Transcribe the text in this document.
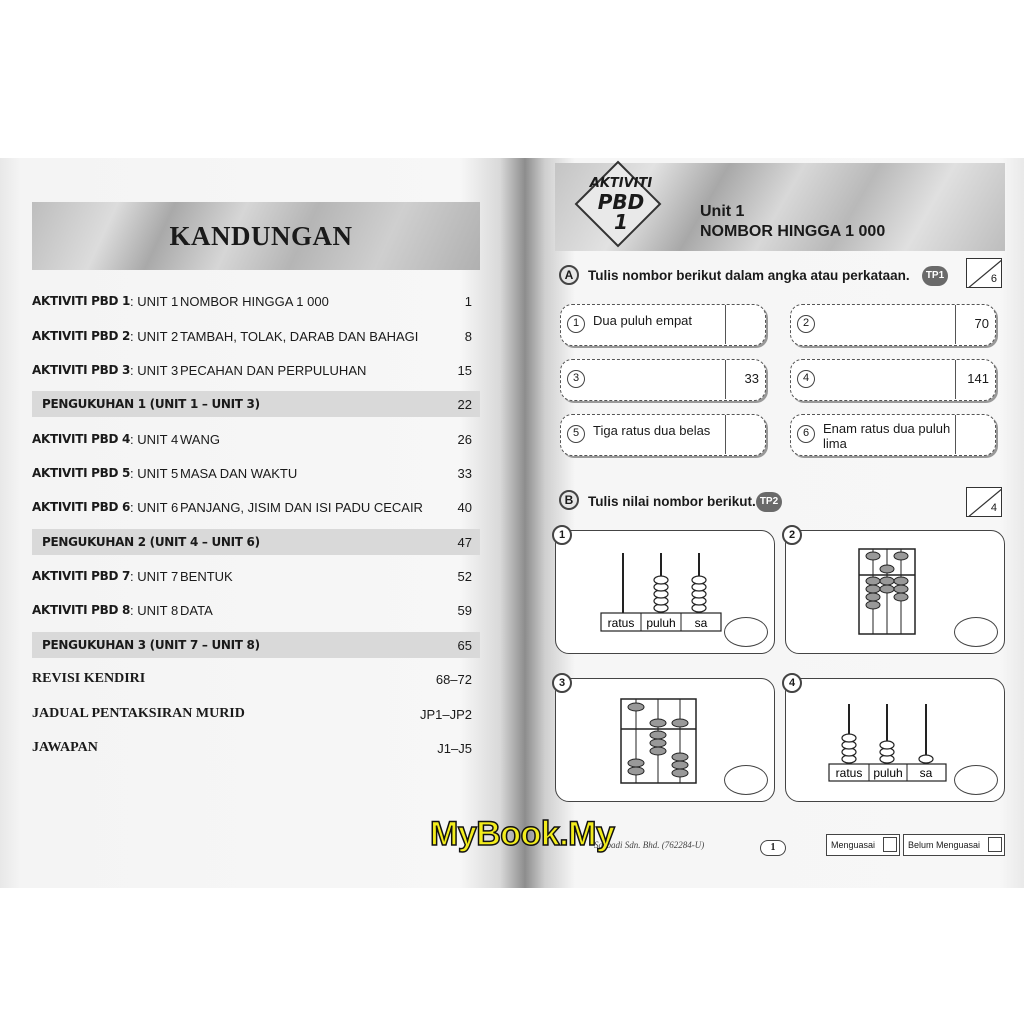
KANDUNGAN
AKTIVITI PBD 1 : UNIT 1 NOMBOR HINGGA 1 000	1
AKTIVITI PBD 2 : UNIT 2 TAMBAH, TOLAK, DARAB DAN BAHAGI	8
AKTIVITI PBD 3 : UNIT 3 PECAHAN DAN PERPULUHAN	15
PENGUKUHAN 1 (UNIT 1 – UNIT 3)	22
AKTIVITI PBD 4 : UNIT 4 WANG	26
AKTIVITI PBD 5 : UNIT 5 MASA DAN WAKTU	33
AKTIVITI PBD 6 : UNIT 6 PANJANG, JISIM DAN ISI PADU CECAIR	40
PENGUKUHAN 2 (UNIT 4 – UNIT 6)	47
AKTIVITI PBD 7 : UNIT 7 BENTUK	52
AKTIVITI PBD 8 : UNIT 8 DATA	59
PENGUKUHAN 3 (UNIT 7 – UNIT 8)	65
REVISI KENDIRI	68–72
JADUAL PENTAKSIRAN MURID	JP1–JP2
JAWAPAN	J1–J5
AKTIVITI
PBD
1	Unit 1
NOMBOR HINGGA 1 000
A	Tulis nombor berikut dalam angka atau perkataan.	TP1	6
1	Dua puluh empat	2	70
3	33	4	141
5	Tiga ratus dua belas	6	Enam ratus dua puluh lima
B	Tulis nilai nombor berikut. TP2
4
1
ratus puluh sa
2
3	4
ratus puluh sa
Sasbadi Sdn. Bhd. (762284-U)	1	Menguasai	Belum Menguasai
MyBook.My
